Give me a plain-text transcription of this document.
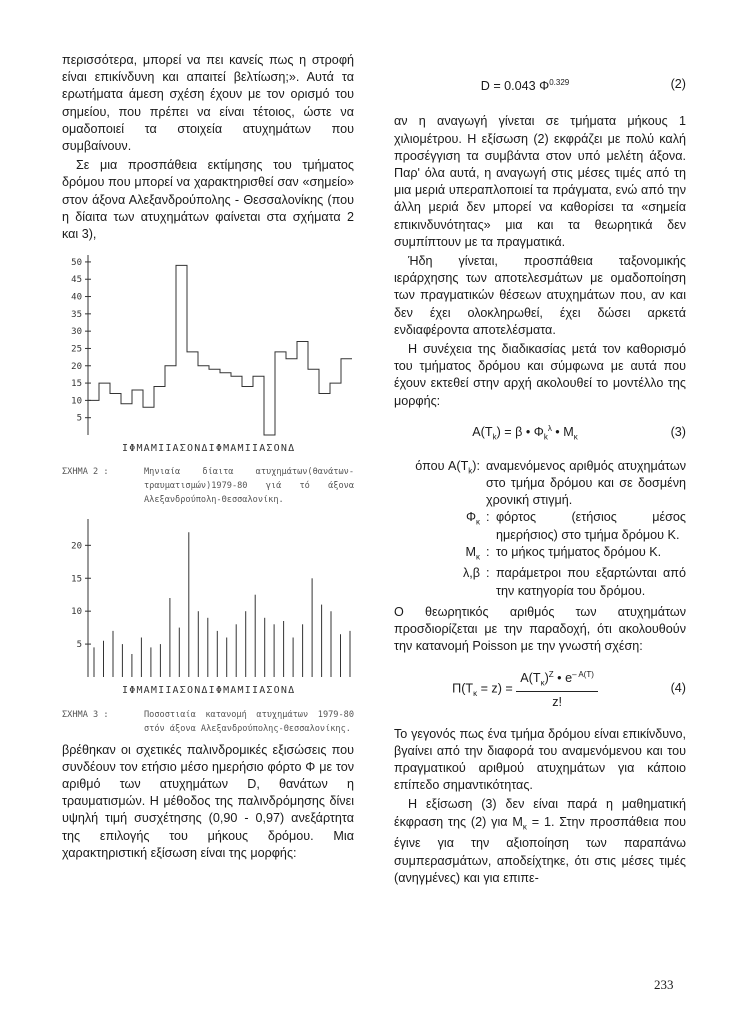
περισσότερα, μπορεί να πει κανείς πως η στροφή είναι επικίνδυνη και απαιτεί βελτίωση;». Αυτά τα ερωτήματα άμεση σχέση έχουν με τον ορισμό του σημείου, που πρέπει να είναι τέτοιος, ώστε να ομαδοποιεί τα στοιχεία ατυχημάτων που συμβαίνουν.

Σε μια προσπάθεια εκτίμησης του τμήματος δρόμου που μπορεί να χαρακτηρισθεί σαν «σημείο» στον άξονα Αλεξανδρούπολης - Θεσσαλονίκης (που η δίαιτα των ατυχημάτων φαίνεται στα σχήματα 2 και 3),

5
10
15
20
25
30
35
40
45
50
ΙΦΜΑΜΙΙΑΣΟΝΔΙΦΜΑΜΙΙΑΣΟΝΔ
ΣΧΗΜΑ 2 :	Μηνιαία δίαιτα ατυχημάτων(θανάτων-τραυματισμών)1979-80 γιά τό άξονα Αλεξανδρούπολη-Θεσσαλονίκη.
5
10
15
20
ΙΦΜΑΜΙΙΑΣΟΝΔΙΦΜΑΜΙΙΑΣΟΝΔ
ΣΧΗΜΑ 3 :	Ποσοστιαία κατανομή ατυχημάτων 1979-80 στόν άξονα Αλεξανδρούπολης-Θεσσαλονίκης.

βρέθηκαν οι σχετικές παλινδρομικές εξισώσεις που συνδέουν τον ετήσιο μέσο ημερήσιο φόρτο Φ με τον αριθμό των ατυχημάτων D, θανάτων η τραυματισμών. Η μέθοδος της παλινδρόμησης δίνει υψηλή τιμή συσχέτησης (0,90 - 0,97) ανεξάρτητα της επιλογής του μήκους δρόμου. Μια χαρακτηριστική εξίσωση είναι της μορφής:

D = 0.043 $\Phi^{0.329}$	(2)

αν η αναγωγή γίνεται σε τμήματα μήκους 1 χιλιομέτρου. Η εξίσωση (2) εκφράζει με πολύ καλή προσέγγιση τα συμβάντα στον υπό μελέτη άξονα. Παρ' όλα αυτά, η αναγωγή στις μέσες τιμές από τη μια μεριά υπεραπλοποιεί τα πράγματα, ενώ από την άλλη μεριά δεν μπορεί να καθορίσει τα «σημεία επικινδυνότητας» μια και τα θεωρητικά δεν συμπίπτουν με τα πραγματικά.

Ήδη γίνεται, προσπάθεια ταξονομικής ιεράρχησης των αποτελεσμάτων με ομαδοποίηση των πραγματικών θέσεων ατυχημάτων που, αν και δεν έχει ολοκληρωθεί, έχει δώσει αρκετά ενδιαφέροντα αποτελέσματα.

Η συνέχεια της διαδικασίας μετά τον καθορισμό του τμήματος δρόμου και σύμφωνα με αυτά που έχουν εκτεθεί στην αρχή ακολουθεί το μοντέλλο της μορφής:

$A(T_k) = \beta$ • $\Phi_k^\lambda$ • $M_\kappa$	(3)
όπου $A(T_k)$: αναμενόμενος αριθμός ατυχημάτων στο τμήμα δρόμου και σε δοσμένη χρονική στιγμή.
$\Phi_\kappa$ : φόρτος (ετήσιος μέσος ημερήσιος) στο τμήμα δρόμου Κ.
$M_\kappa$ : το μήκος τμήματος δρόμου Κ.
λ,β : παράμετροι που εξαρτώνται από την κατηγορία του δρόμου.

Ο θεωρητικός αριθμός των ατυχημάτων προσδιορίζεται με την παραδοχή, ότι ακολουθούν την κατανομή Poisson με την γνωστή σχέση:

$\Pi(T_\kappa = z) = \frac{A(T_\kappa)^Z • e^{- A(T)}}{z!}$	(4)

Το γεγονός πως ένα τμήμα δρόμου είναι επικίνδυνο, βγαίνει από την διαφορά του αναμενόμενου και του πραγματικού αριθμού ατυχημάτων για κάποιο επίπεδο σημαντικότητας.

Η εξίσωση (3) δεν είναι παρά η μαθηματική έκφραση της (2) για $M_\kappa = 1$. Στην προσπάθεια που έγινε για την αξιοποίηση των παραπάνω συμπερασμάτων, αποδείχτηκε, ότι στις μέσες τιμές (ανηγμένες) και για επιπε-

233
